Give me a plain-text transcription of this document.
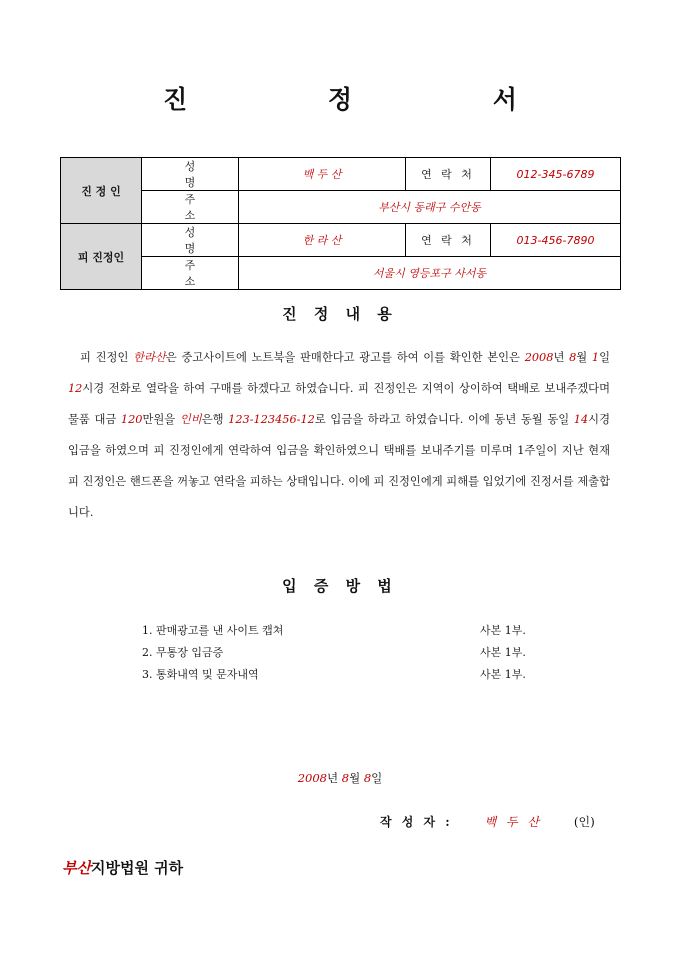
진 정 서
진 정 인	성 명	백 두 산	연 락 처	012-345-6789
	주 소	부산시 동래구 수안동		
피 진정인	성 명	한 라 산	연 락 처	013-456-7890
	주 소	서울시 영등포구 사서동		
진 정 내 용
피 진정인 한라산은 중고사이트에 노트북을 판매한다고 광고를 하여 이를 확인한 본인은 2008년 8월 1일 12시경 전화로 열락을 하여 구매를 하겠다고 하였습니다. 피 진정인은 지역이 상이하여 택배로 보내주겠다며 물품 대금 120만원을 인비은행 123-123456-12로 입금을 하라고 하였습니다. 이에 동년 동월 동일 14시경 입금을 하였으며 피 진정인에게 연락하여 입금을 확인하였으니 택배를 보내주기를 미루며 1주일이 지난 현재 피 진정인은 핸드폰을 꺼놓고 연락을 피하는 상태입니다. 이에 피 진정인에게 피해를 입었기에 진정서를 제출합니다.
입 증 방 법
1. 판매광고를 낸 사이트 캡쳐	사본 1부.
2. 무통장 입금증	사본 1부.
3. 통화내역 및 문자내역	사본 1부.
2008년 8월 8일
작 성 자 :	백 두 산	(인)
부산지방법원 귀하
